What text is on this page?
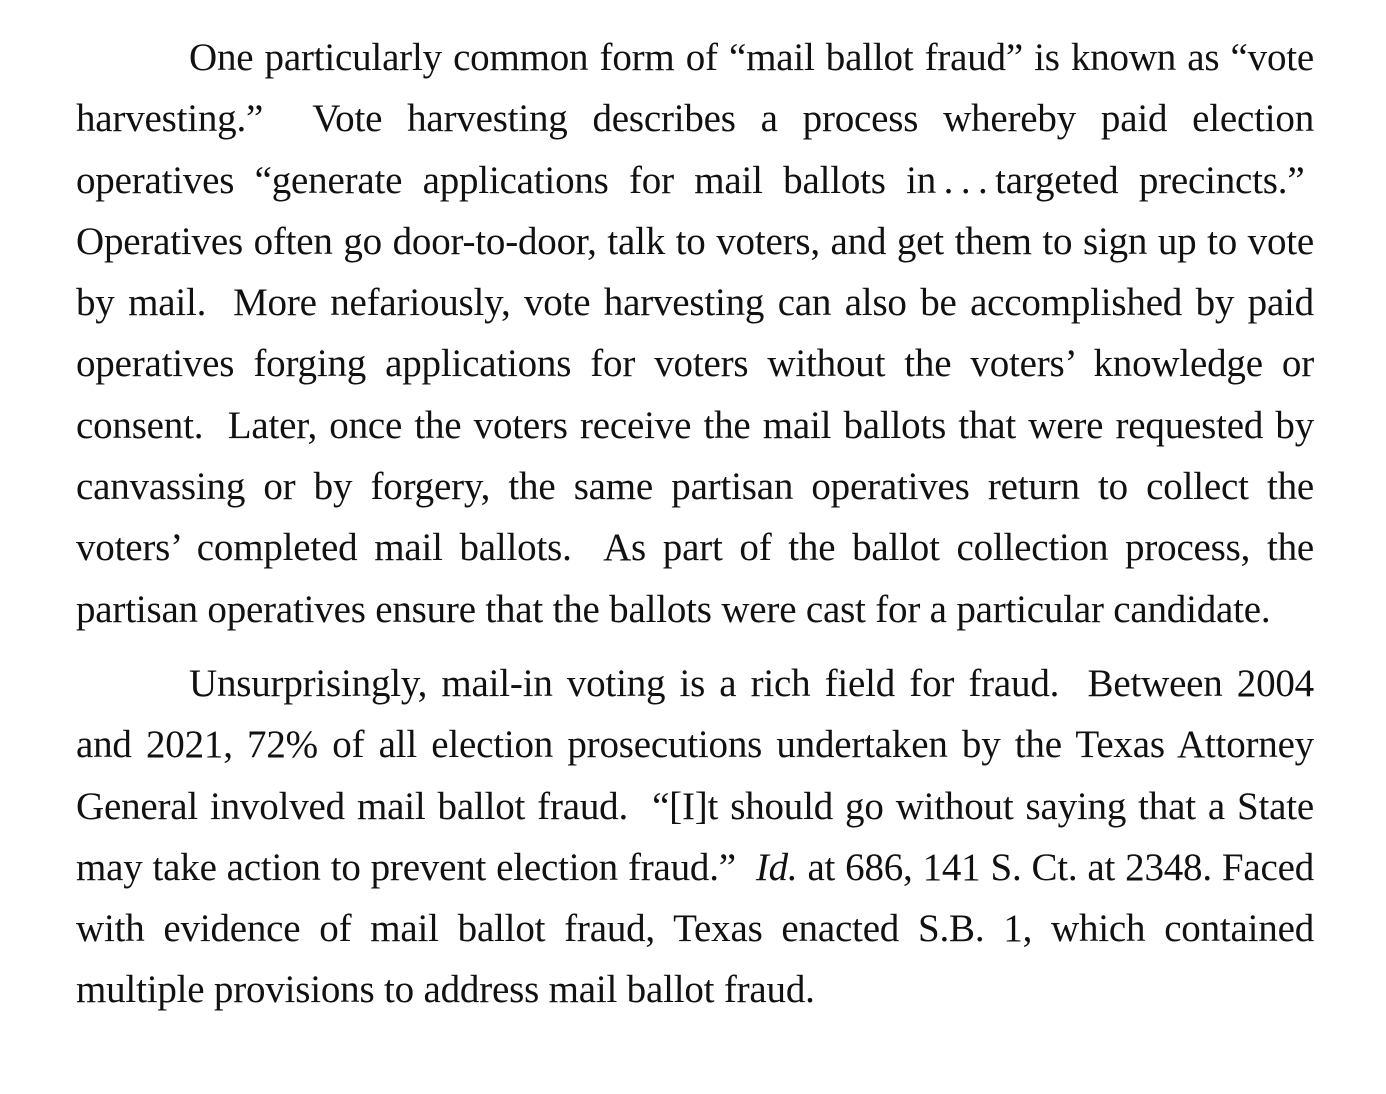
One particularly common form of “mail ballot fraud” is known as “vote harvesting.”  Vote harvesting describes a process whereby paid election operatives “generate applications for mail ballots in . . . targeted precincts.”  Operatives often go door-to-door, talk to voters, and get them to sign up to vote by mail.  More nefariously, vote harvesting can also be accomplished by paid operatives forging applications for voters without the voters’ knowledge or consent.  Later, once the voters receive the mail ballots that were requested by canvassing or by forgery, the same partisan operatives return to collect the voters’ completed mail ballots.  As part of the ballot collection process, the partisan operatives ensure that the ballots were cast for a particular candidate.

Unsurprisingly, mail-in voting is a rich field for fraud.  Between 2004 and 2021, 72% of all election prosecutions undertaken by the Texas Attorney General involved mail ballot fraud.  “[I]t should go without saying that a State may take action to prevent election fraud.”  Id. at 686, 141 S. Ct. at 2348. Faced with evidence of mail ballot fraud, Texas enacted S.B. 1, which contained multiple provisions to address mail ballot fraud.
